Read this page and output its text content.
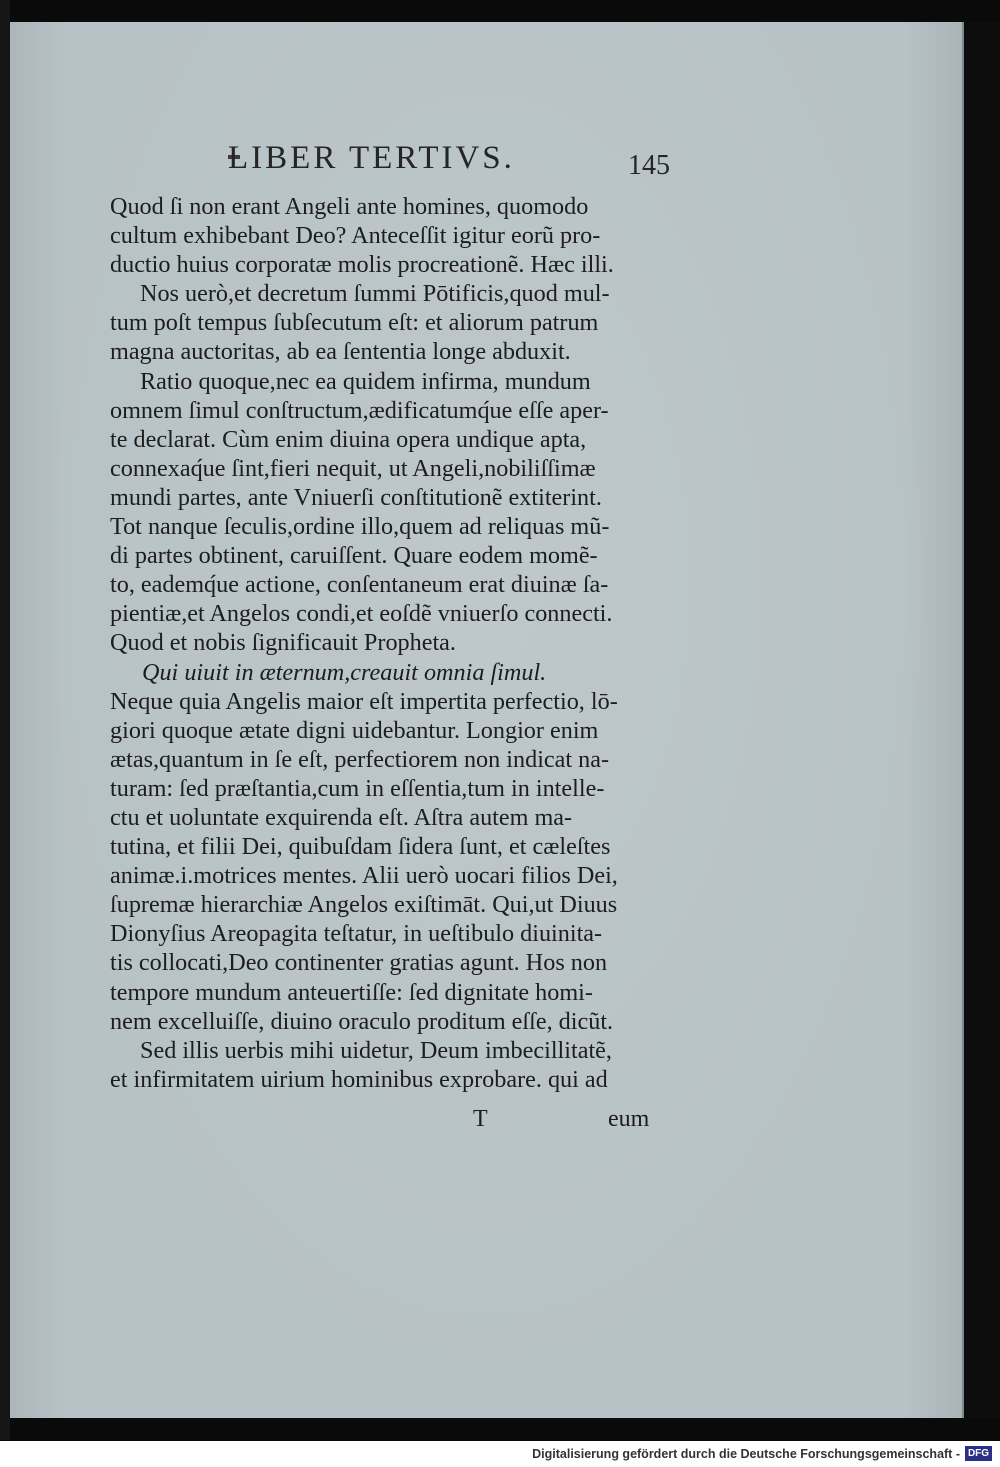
LIBER TERTIVS.	145
Quod ſi non erant Angeli ante homines, quomodo
cultum exhibebant Deo? Anteceſſit igitur eorũ pro-
ductio huius corporatæ molis procreationẽ. Hæc illi.
Nos uerò,et decretum ſummi Pōtificis,quod mul-
tum poſt tempus ſubſecutum eſt: et aliorum patrum
magna auctoritas, ab ea ſententia longe abduxit.
Ratio quoque,nec ea quidem infirma, mundum
omnem ſimul conſtructum,ædificatumq́ue eſſe aper-
te declarat. Cùm enim diuina opera undique apta,
connexaq́ue ſint,fieri nequit, ut Angeli,nobiliſſimæ
mundi partes, ante Vniuerſi conſtitutionẽ extiterint.
Tot nanque ſeculis,ordine illo,quem ad reliquas mũ-
di partes obtinent, caruiſſent. Quare eodem momẽ-
to, eademq́ue actione, conſentaneum erat diuinæ ſa-
pientiæ,et Angelos condi,et eoſdẽ vniuerſo connecti.
Quod et nobis ſignificauit Propheta.
Qui uiuit in æternum,creauit omnia ſimul.
Neque quia Angelis maior eſt impertita perfectio, lō-
giori quoque ætate digni uidebantur. Longior enim
ætas,quantum in ſe eſt, perfectiorem non indicat na-
turam: ſed præſtantia,cum in eſſentia,tum in intelle-
ctu et uoluntate exquirenda eſt. Aſtra autem ma-
tutina, et filii Dei, quibuſdam ſidera ſunt, et cæleſtes
animæ.i.motrices mentes. Alii uerò uocari filios Dei,
ſupremæ hierarchiæ Angelos exiſtimāt. Qui,ut Diuus
Dionyſius Areopagita teſtatur, in ueſtibulo diuinita-
tis collocati,Deo continenter gratias agunt. Hos non
tempore mundum anteuertiſſe: ſed dignitate homi-
nem excelluiſſe, diuino oraculo proditum eſſe, dicũt.
Sed illis uerbis mihi uidetur, Deum imbecillitatẽ,
et infirmitatem uirium hominibus exprobare. qui ad
T	eum
Digitalisierung gefördert durch die Deutsche Forschungsgemeinschaft - DFG
